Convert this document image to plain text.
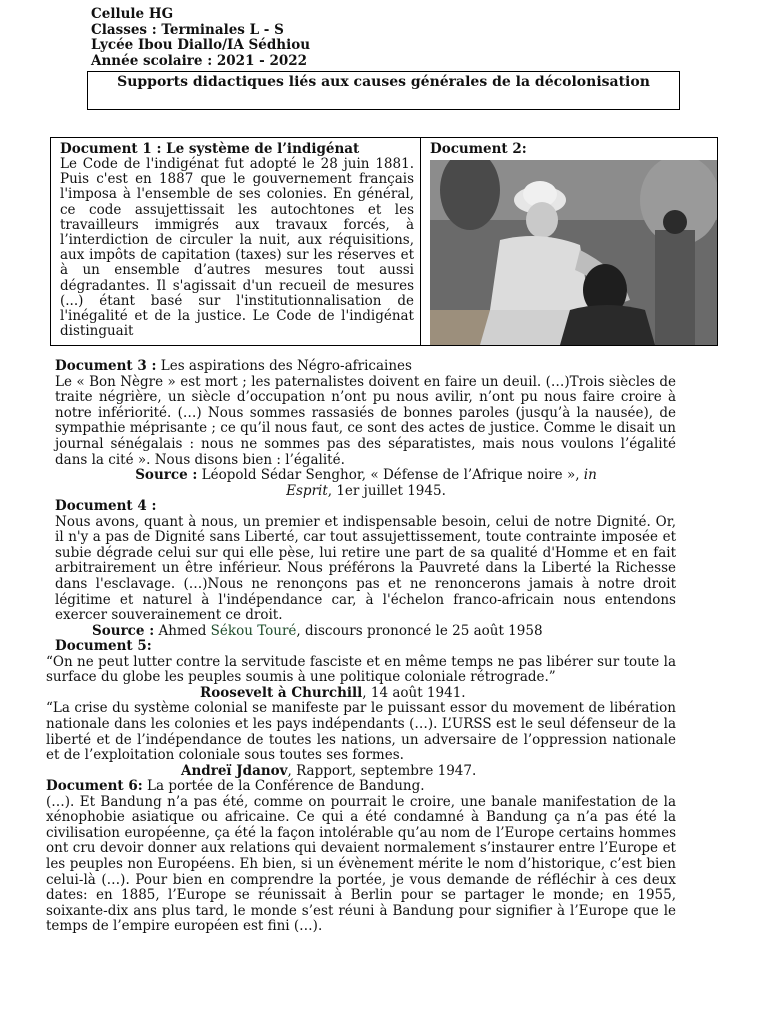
Cellule HG
Classes : Terminales L - S
Lycée Ibou Diallo/IA Sédhiou
Année scolaire : 2021 - 2022
Supports didactiques liés aux causes générales de la décolonisation
Document 1 : Le système de l’indigénat
Le Code de l'indigénat fut adopté le 28 juin 1881. Puis c'est en 1887 que le gouvernement français l'imposa à l'ensemble de ses colonies. En général, ce code assujettissait les autochtones et les travailleurs immigrés aux travaux forcés, à l’interdiction de circuler la nuit, aux réquisitions, aux impôts de capitation (taxes) sur les réserves et à un ensemble d’autres mesures tout aussi dégradantes. Il s'agissait d'un recueil de mesures (...) étant basé sur l'institutionnalisation de l'inégalité et de la justice. Le Code de l'indigénat distinguait
Document 2:

Document 3 : Les aspirations des Négro-africaines

Le « Bon Nègre » est mort ; les paternalistes doivent en faire un deuil. (…)Trois siècles de traite négrière, un siècle d’occupation n’ont pu nous avilir, n’ont pu nous faire croire à notre infériorité. (…) Nous sommes rassasiés de bonnes paroles (jusqu’à la nausée), de sympathie méprisante ; ce qu’il nous faut, ce sont des actes de justice. Comme le disait un journal sénégalais : nous ne sommes pas des séparatistes, mais nous voulons l’égalité dans la cité ». Nous disons bien : l’égalité.

Source : Léopold Sédar Senghor, « Défense de l’Afrique noire », in Esprit, 1er juillet 1945.

Document 4 :

Nous avons, quant à nous, un premier et indispensable besoin, celui de notre Dignité. Or, il n'y a pas de Dignité sans Liberté, car tout assujettissement, toute contrainte imposée et subie dégrade celui sur qui elle pèse, lui retire une part de sa qualité d'Homme et en fait arbitrairement un être inférieur. Nous préférons la Pauvreté dans la Liberté la Richesse dans l'esclavage. (…)Nous ne renonçons pas et ne renoncerons jamais à notre droit légitime et naturel à l'indépendance car, à l'échelon franco-africain nous entendons exercer souverainement ce droit.

Source : Ahmed Sékou Touré, discours prononcé le 25 août 1958

Document 5:

“On ne peut lutter contre la servitude fasciste et en même temps ne pas libérer sur toute la surface du globe les peuples soumis à une politique coloniale rétrograde.”

Roosevelt à Churchill, 14 août 1941.

“La crise du système colonial se manifeste par le puissant essor du movement de libération nationale dans les colonies et les pays indépendants (…). L’URSS est le seul défenseur de la liberté et de l’indépendance de toutes les nations, un adversaire de l’oppression nationale et de l’exploitation coloniale sous toutes ses formes.

Andreï Jdanov, Rapport, septembre 1947.

Document 6: La portée de la Conférence de Bandung.

(…). Et Bandung n’a pas été, comme on pourrait le croire, une banale manifestation de la xénophobie asiatique ou africaine. Ce qui a été condamné à Bandung ça n’a pas été la civilisation européenne, ça été la façon intolérable qu’au nom de l’Europe certains hommes ont cru devoir donner aux relations qui devaient normalement s’instaurer entre l’Europe et les peuples non Européens. Eh bien, si un évènement mérite le nom d’historique, c’est bien celui-là (…). Pour bien en comprendre la portée, je vous demande de réfléchir à ces deux dates: en 1885, l’Europe se réunissait à Berlin pour se partager le monde; en 1955, soixante-dix ans plus tard, le monde s’est réuni à Bandung pour signifier à l’Europe que le temps de l’empire européen est fini (…).
